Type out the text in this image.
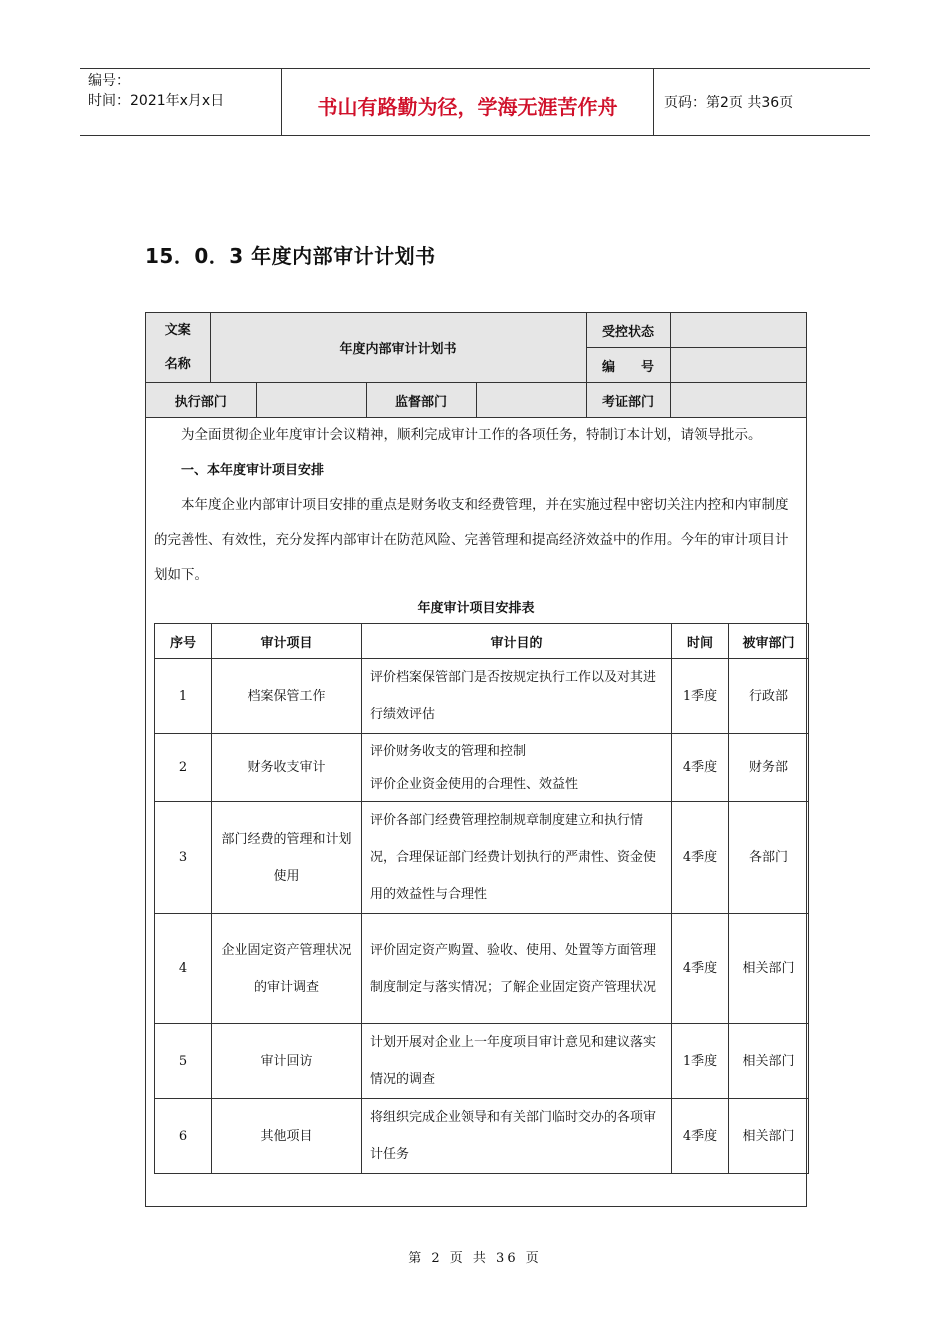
编号：
时间：2021年x月x日	书山有路勤为径，学海无涯苦作舟	页码：第2页 共36页
15．0．3 年度内部审计计划书
文案
名称	年度内部审计计划书				受控状态	
					编　　号	
执行部门			监督部门		考证部门	

为全面贯彻企业年度审计会议精神，顺利完成审计工作的各项任务，特制订本计划，请领导批示。

一、本年度审计项目安排

本年度企业内部审计项目安排的重点是财务收支和经费管理，并在实施过程中密切关注内控和内审制度的完善性、有效性，充分发挥内部审计在防范风险、完善管理和提高经济效益中的作用。今年的审计项目计划如下。

年度审计项目安排表
序号	审计项目	审计目的	时间	被审部门
1	档案保管工作	评价档案保管部门是否按规定执行工作以及对其进行绩效评估	1季度	行政部
2	财务收支审计	评价财务收支的管理和控制
评价企业资金使用的合理性、效益性	4季度	财务部
3	部门经费的管理和计划使用	评价各部门经费管理控制规章制度建立和执行情况，合理保证部门经费计划执行的严肃性、资金使用的效益性与合理性	4季度	各部门
4	企业固定资产管理状况的审计调查	评价固定资产购置、验收、使用、处置等方面管理制度制定与落实情况；了解企业固定资产管理状况	4季度	相关部门
5	审计回访	计划开展对企业上一年度项目审计意见和建议落实情况的调查	1季度	相关部门
6	其他项目	将组织完成企业领导和有关部门临时交办的各项审计任务	4季度	相关部门
第 2 页 共 36 页
